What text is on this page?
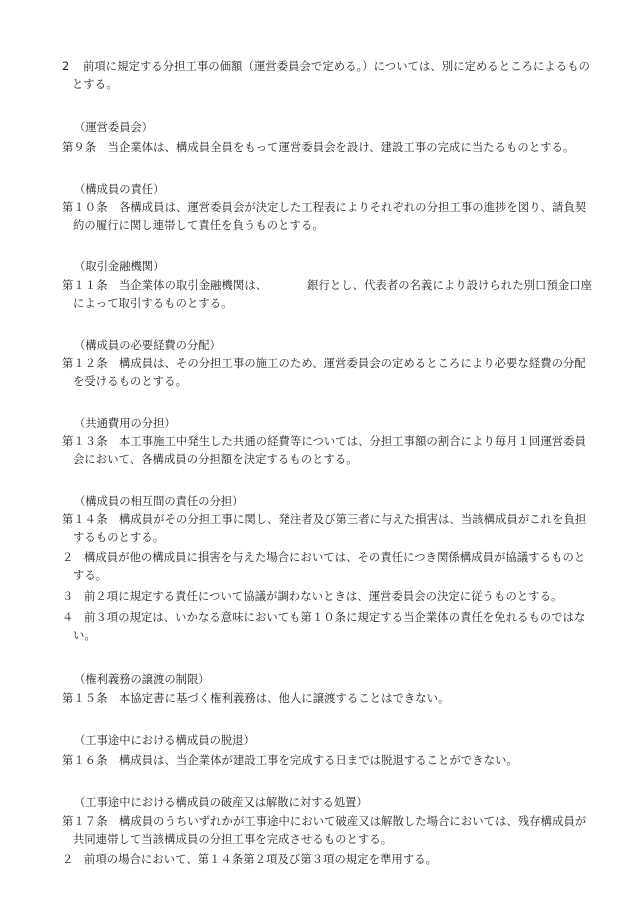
2 前項に規定する分担工事の価額（運営委員会で定める。）については、別に定めるところによるもの
とする。
（運営委員会）
第９条　当企業体は、構成員全員をもって運営委員会を設け、建設工事の完成に当たるものとする。
（構成員の責任）
第１０条　各構成員は、運営委員会が決定した工程表によりそれぞれの分担工事の進捗を図り、請負契
約の履行に関し連帯して責任を負うものとする。
（取引金融機関）
第１１条　当企業体の取引金融機関は、　　　　銀行とし、代表者の名義により設けられた別口預金口座
によって取引するものとする。
（構成員の必要経費の分配）
第１２条　構成員は、その分担工事の施工のため、運営委員会の定めるところにより必要な経費の分配
を受けるものとする。
（共通費用の分担）
第１３条　本工事施工中発生した共通の経費等については、分担工事額の割合により毎月１回運営委員
会において、各構成員の分担額を決定するものとする。
（構成員の相互間の責任の分担）
第１４条　構成員がその分担工事に関し、発注者及び第三者に与えた損害は、当該構成員がこれを負担
するものとする。
２ 構成員が他の構成員に損害を与えた場合においては、その責任につき関係構成員が協議するものと
する。
３ 前２項に規定する責任について協議が調わないときは、運営委員会の決定に従うものとする。
４ 前３項の規定は、いかなる意味においても第１０条に規定する当企業体の責任を免れるものではな
い。
（権利義務の譲渡の制限）
第１５条　本協定書に基づく権利義務は、他人に譲渡することはできない。
（工事途中における構成員の脱退）
第１６条　構成員は、当企業体が建設工事を完成する日までは脱退することができない。
（工事途中における構成員の破産又は解散に対する処置）
第１７条　構成員のうちいずれかが工事途中において破産又は解散した場合においては、残存構成員が
共同連帯して当該構成員の分担工事を完成させるものとする。
２ 前項の場合において、第１４条第２項及び第３項の規定を準用する。
